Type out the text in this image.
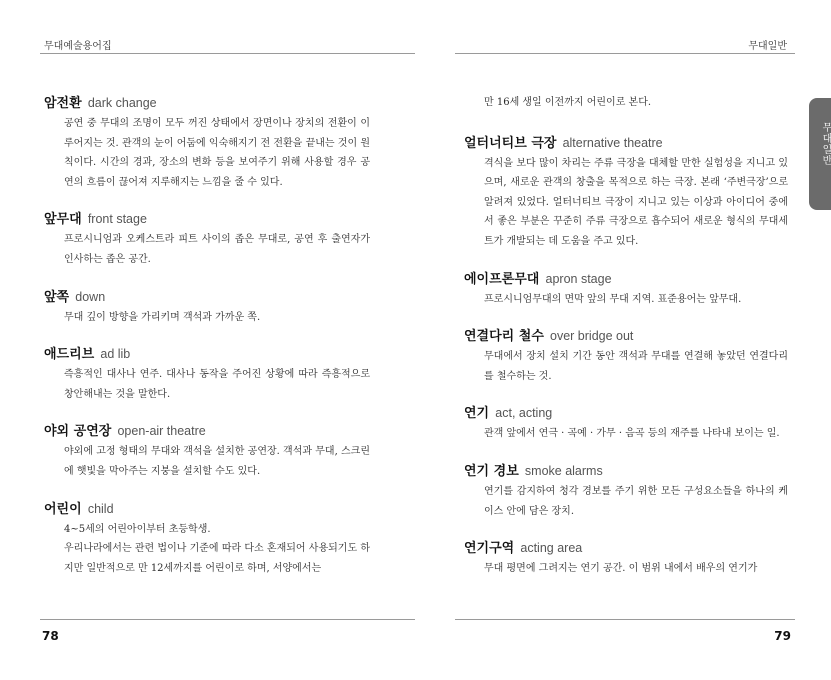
무대예술용어집	무대일반
무대일반

암전환 dark change

공연 중 무대의 조명이 모두 꺼진 상태에서 장면이나 장치의 전환이 이루어지는 것. 관객의 눈이 어둠에 익숙해지기 전 전환을 끝내는 것이 원칙이다. 시간의 경과, 장소의 변화 등을 보여주기 위해 사용할 경우 공연의 흐름이 끊어져 지루해지는 느낌을 줄 수 있다.

앞무대 front stage

프로시니엄과 오케스트라 피트 사이의 좁은 무대로, 공연 후 출연자가 인사하는 좁은 공간.

앞쪽 down

무대 깊이 방향을 가리키며 객석과 가까운 쪽.

애드리브 ad lib

즉흥적인 대사나 연주. 대사나 동작을 주어진 상황에 따라 즉흥적으로 창안해내는 것을 말한다.

야외 공연장 open-air theatre

야외에 고정 형태의 무대와 객석을 설치한 공연장. 객석과 무대, 스크린에 햇빛을 막아주는 지붕을 설치할 수도 있다.

어린이 child

4~5세의 어린아이부터 초등학생.

우리나라에서는 관련 법이나 기준에 따라 다소 혼재되어 사용되기도 하지만 일반적으로 만 12세까지를 어린이로 하며, 서양에서는

만 16세 생일 이전까지 어린이로 본다.

얼터너티브 극장 alternative theatre

격식을 보다 많이 차리는 주류 극장을 대체할 만한 실험성을 지니고 있으며, 새로운 관객의 창출을 목적으로 하는 극장. 본래 ‘주변극장’으로 알려져 있었다. 얼터너티브 극장이 지니고 있는 이상과 아이디어 중에서 좋은 부분은 꾸준히 주류 극장으로 흡수되어 새로운 형식의 무대세트가 개발되는 데 도움을 주고 있다.

에이프론무대 apron stage

프로시니엄무대의 면막 앞의 무대 지역. 표준용어는 앞무대.

연결다리 철수 over bridge out

무대에서 장치 설치 기간 동안 객석과 무대를 연결해 놓았던 연결다리를 철수하는 것.

연기 act, acting

관객 앞에서 연극 · 곡예 · 가무 · 음곡 등의 재주를 나타내 보이는 일.

연기 경보 smoke alarms

연기를 감지하여 청각 경보를 주기 위한 모든 구성요소들을 하나의 케이스 안에 담은 장치.

연기구역 acting area

무대 평면에 그려지는 연기 공간. 이 범위 내에서 배우의 연기가

78	79
